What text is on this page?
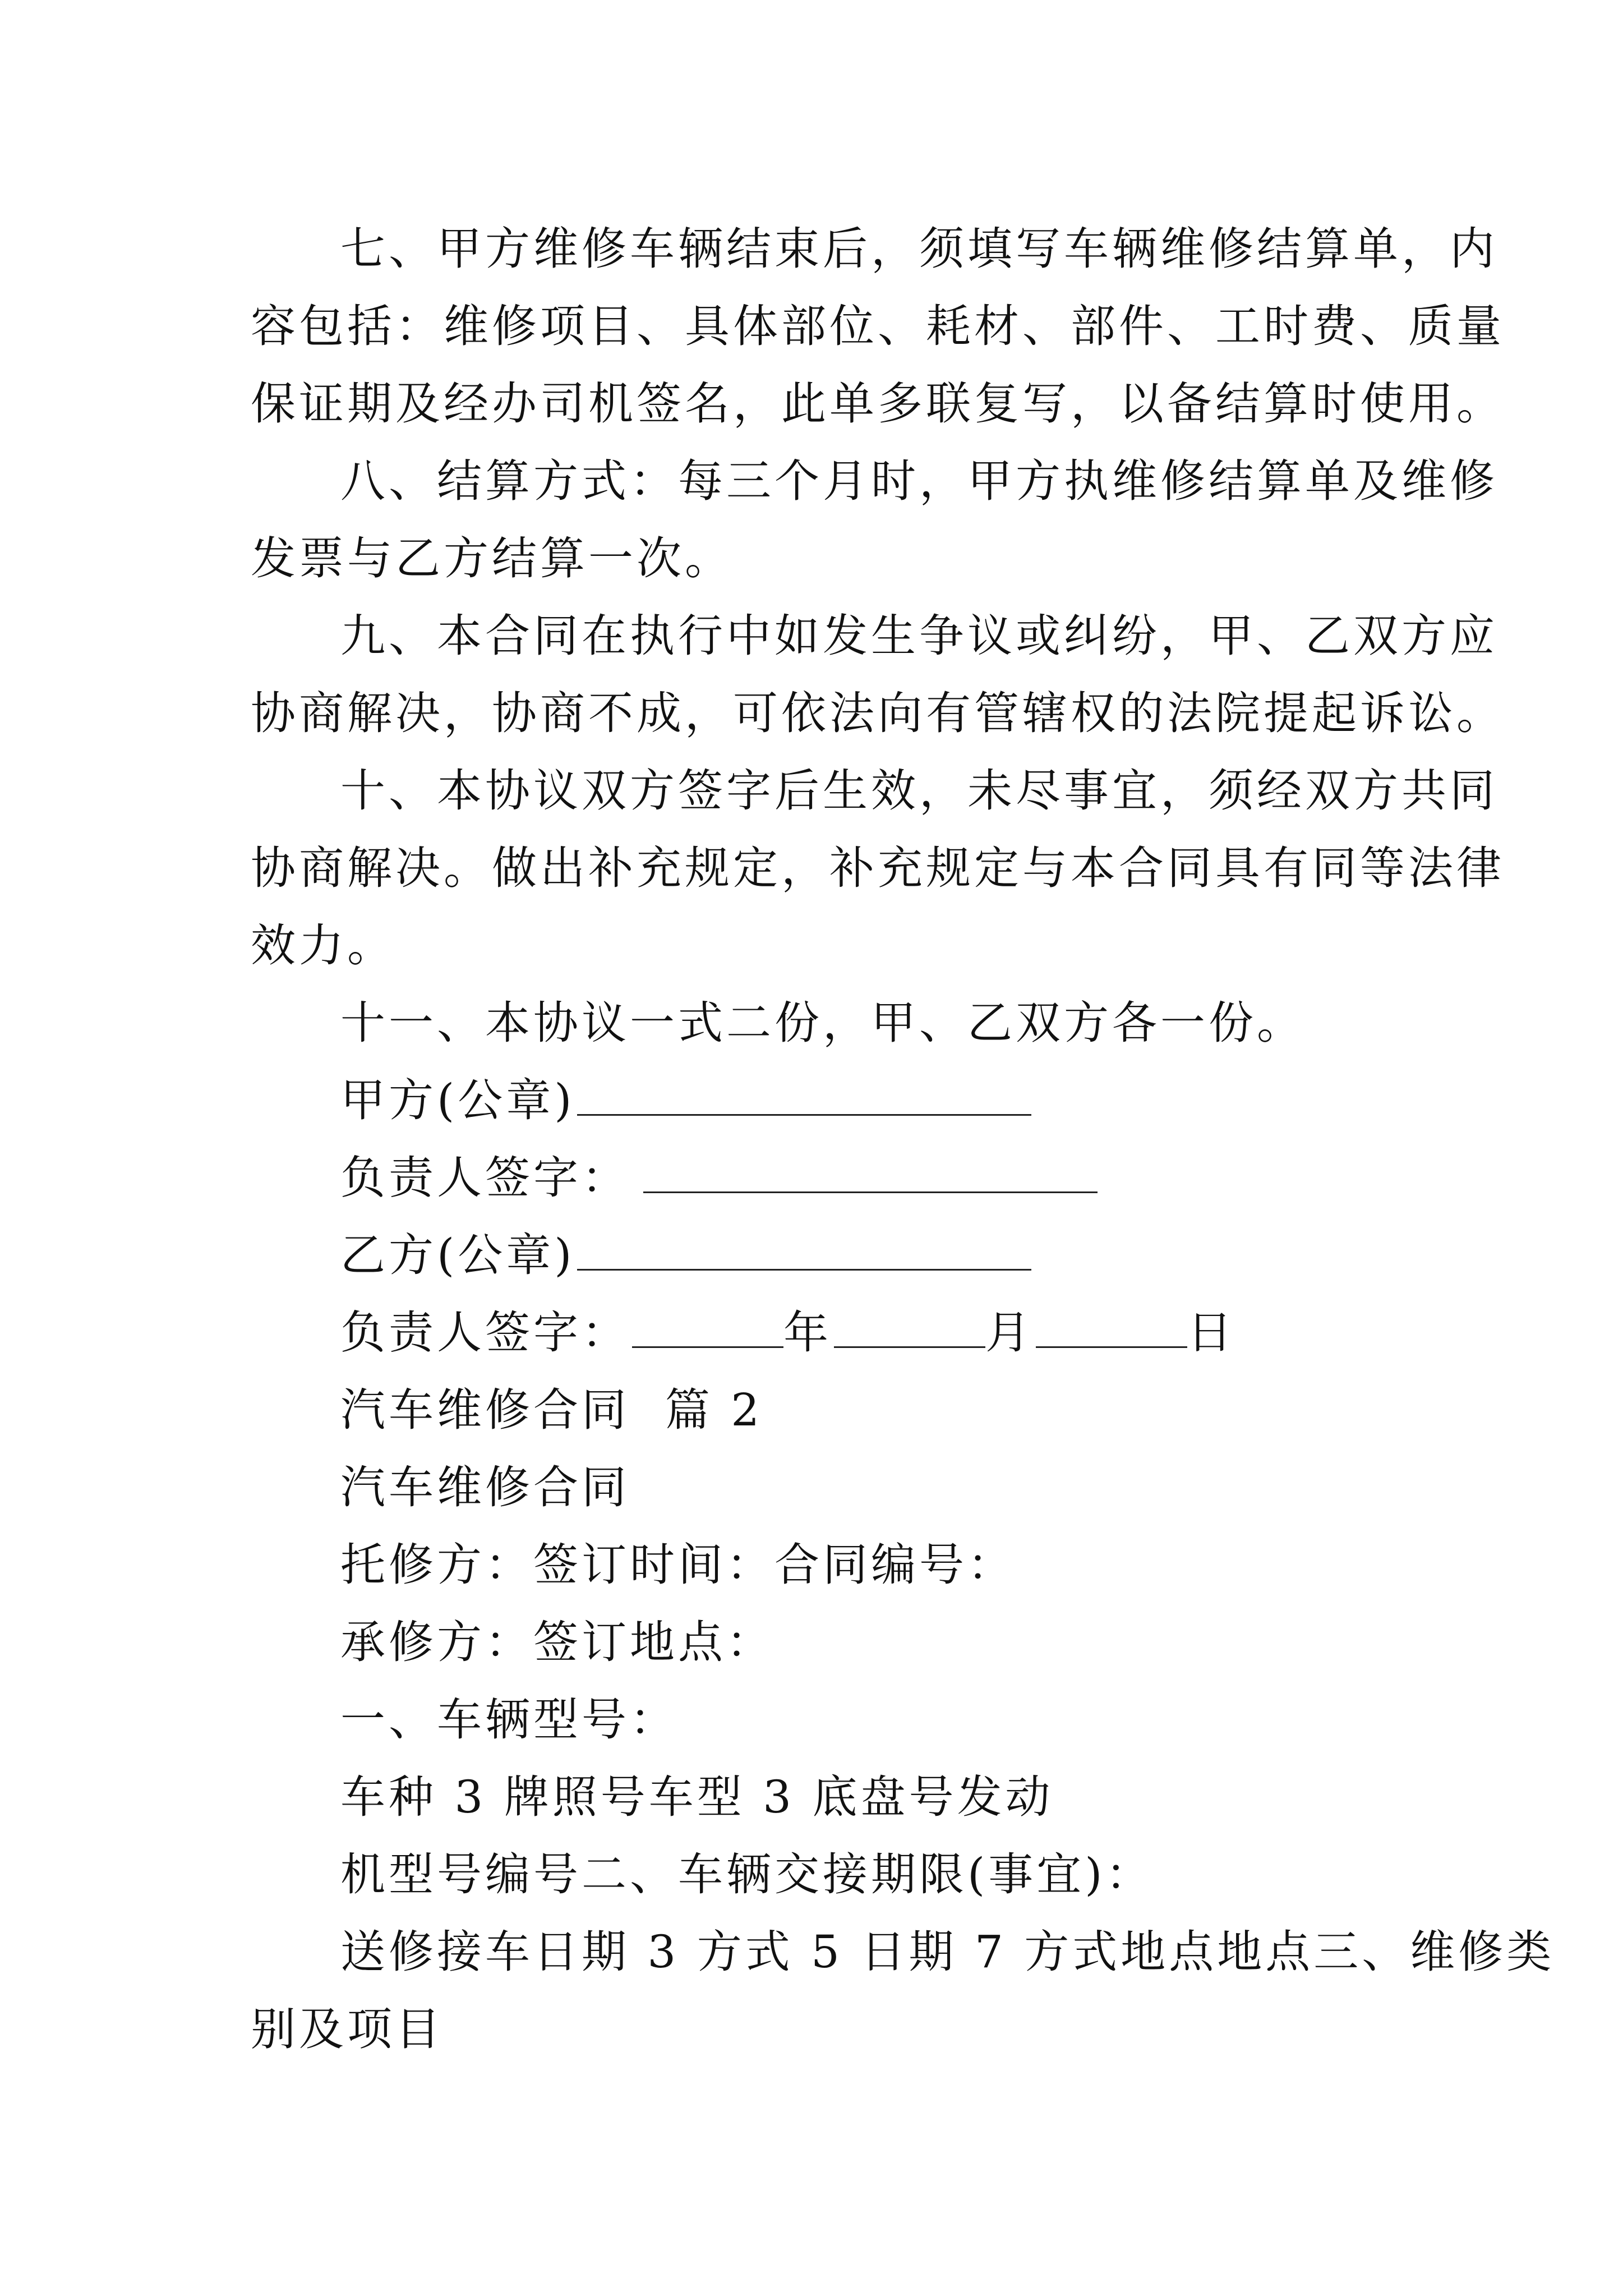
七、甲方维修车辆结束后，须填写车辆维修结算单，内
容包括：维修项目、具体部位、耗材、部件、工时费、质量
保证期及经办司机签名，此单多联复写，以备结算时使用。
八、结算方式：每三个月时，甲方执维修结算单及维修
发票与乙方结算一次。
九、本合同在执行中如发生争议或纠纷，甲、乙双方应
协商解决，协商不成，可依法向有管辖权的法院提起诉讼。
十、本协议双方签字后生效，未尽事宜，须经双方共同
协商解决。做出补充规定，补充规定与本合同具有同等法律
效力。
十一、本协议一式二份，甲、乙双方各一份。
甲方(公章)
负责人签字：
乙方(公章)
负责人签字：	年	月	日
汽车维修合同  篇 2
汽车维修合同
托修方：签订时间：合同编号：
承修方：签订地点：
一、车辆型号：
车种 3 牌照号车型 3 底盘号发动
机型号编号二、车辆交接期限(事宜)：
送修接车日期 3 方式 5 日期 7 方式地点地点三、维修类
别及项目
